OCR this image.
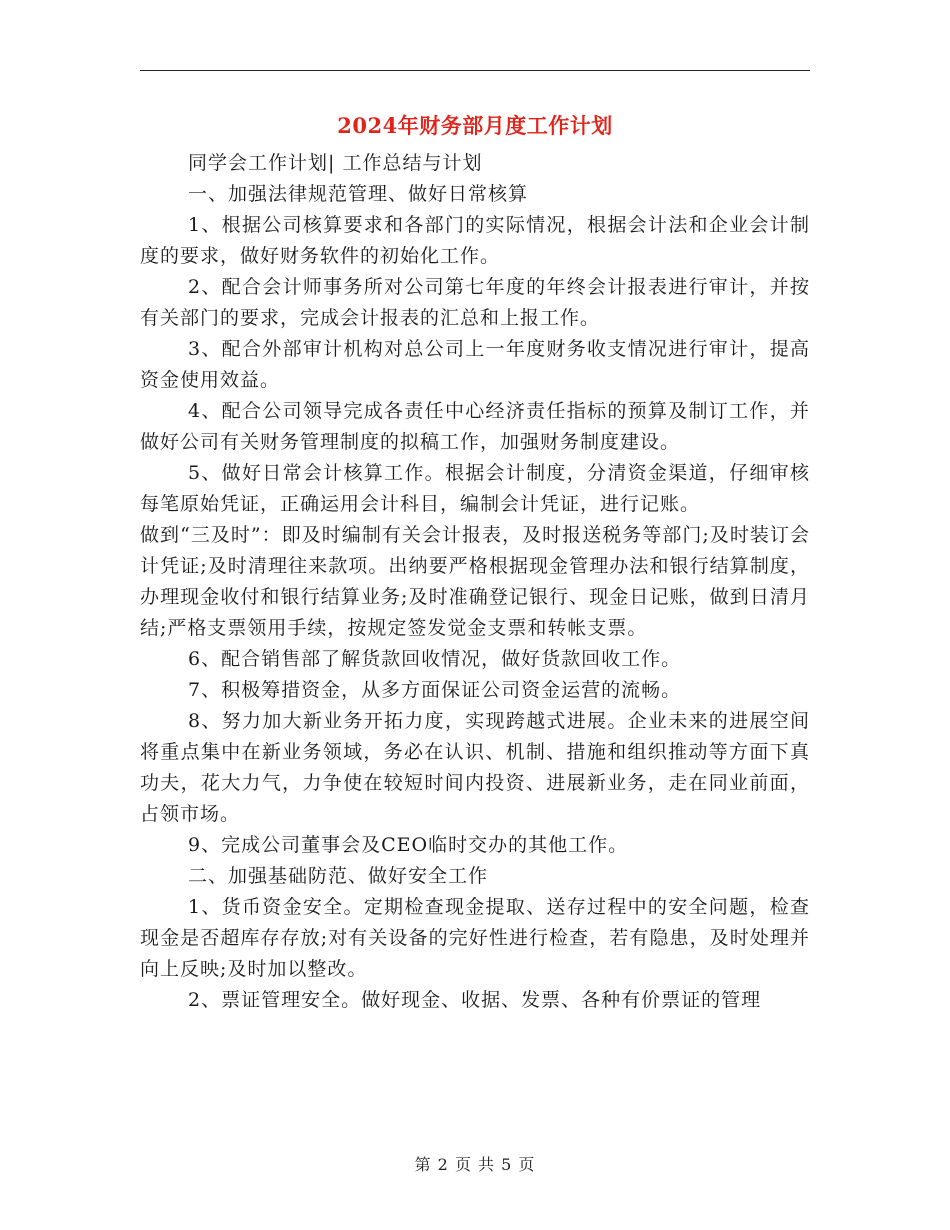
2024年财务部月度工作计划

同学会工作计划| 工作总结与计划

一、加强法律规范管理、做好日常核算

1、根据公司核算要求和各部门的实际情况，根据会计法和企业会计制度的要求，做好财务软件的初始化工作。

2、配合会计师事务所对公司第七年度的年终会计报表进行审计，并按有关部门的要求，完成会计报表的汇总和上报工作。

3、配合外部审计机构对总公司上一年度财务收支情况进行审计，提高资金使用效益。

4、配合公司领导完成各责任中心经济责任指标的预算及制订工作，并做好公司有关财务管理制度的拟稿工作，加强财务制度建设。

5、做好日常会计核算工作。根据会计制度，分清资金渠道，仔细审核每笔原始凭证，正确运用会计科目，编制会计凭证，进行记账。

做到“三及时”：即及时编制有关会计报表，及时报送税务等部门;及时装订会计凭证;及时清理往来款项。出纳要严格根据现金管理办法和银行结算制度，办理现金收付和银行结算业务;及时准确登记银行、现金日记账，做到日清月结;严格支票领用手续，按规定签发觉金支票和转帐支票。

6、配合销售部了解货款回收情况，做好货款回收工作。

7、积极筹措资金，从多方面保证公司资金运营的流畅。

8、努力加大新业务开拓力度，实现跨越式进展。企业未来的进展空间将重点集中在新业务领域，务必在认识、机制、措施和组织推动等方面下真功夫，花大力气，力争使在较短时间内投资、进展新业务，走在同业前面，占领市场。

9、完成公司董事会及CEO临时交办的其他工作。

二、加强基础防范、做好安全工作

1、货币资金安全。定期检查现金提取、送存过程中的安全问题，检查现金是否超库存存放;对有关设备的完好性进行检查，若有隐患，及时处理并向上反映;及时加以整改。

2、票证管理安全。做好现金、收据、发票、各种有价票证的管理

第 2 页 共 5 页
